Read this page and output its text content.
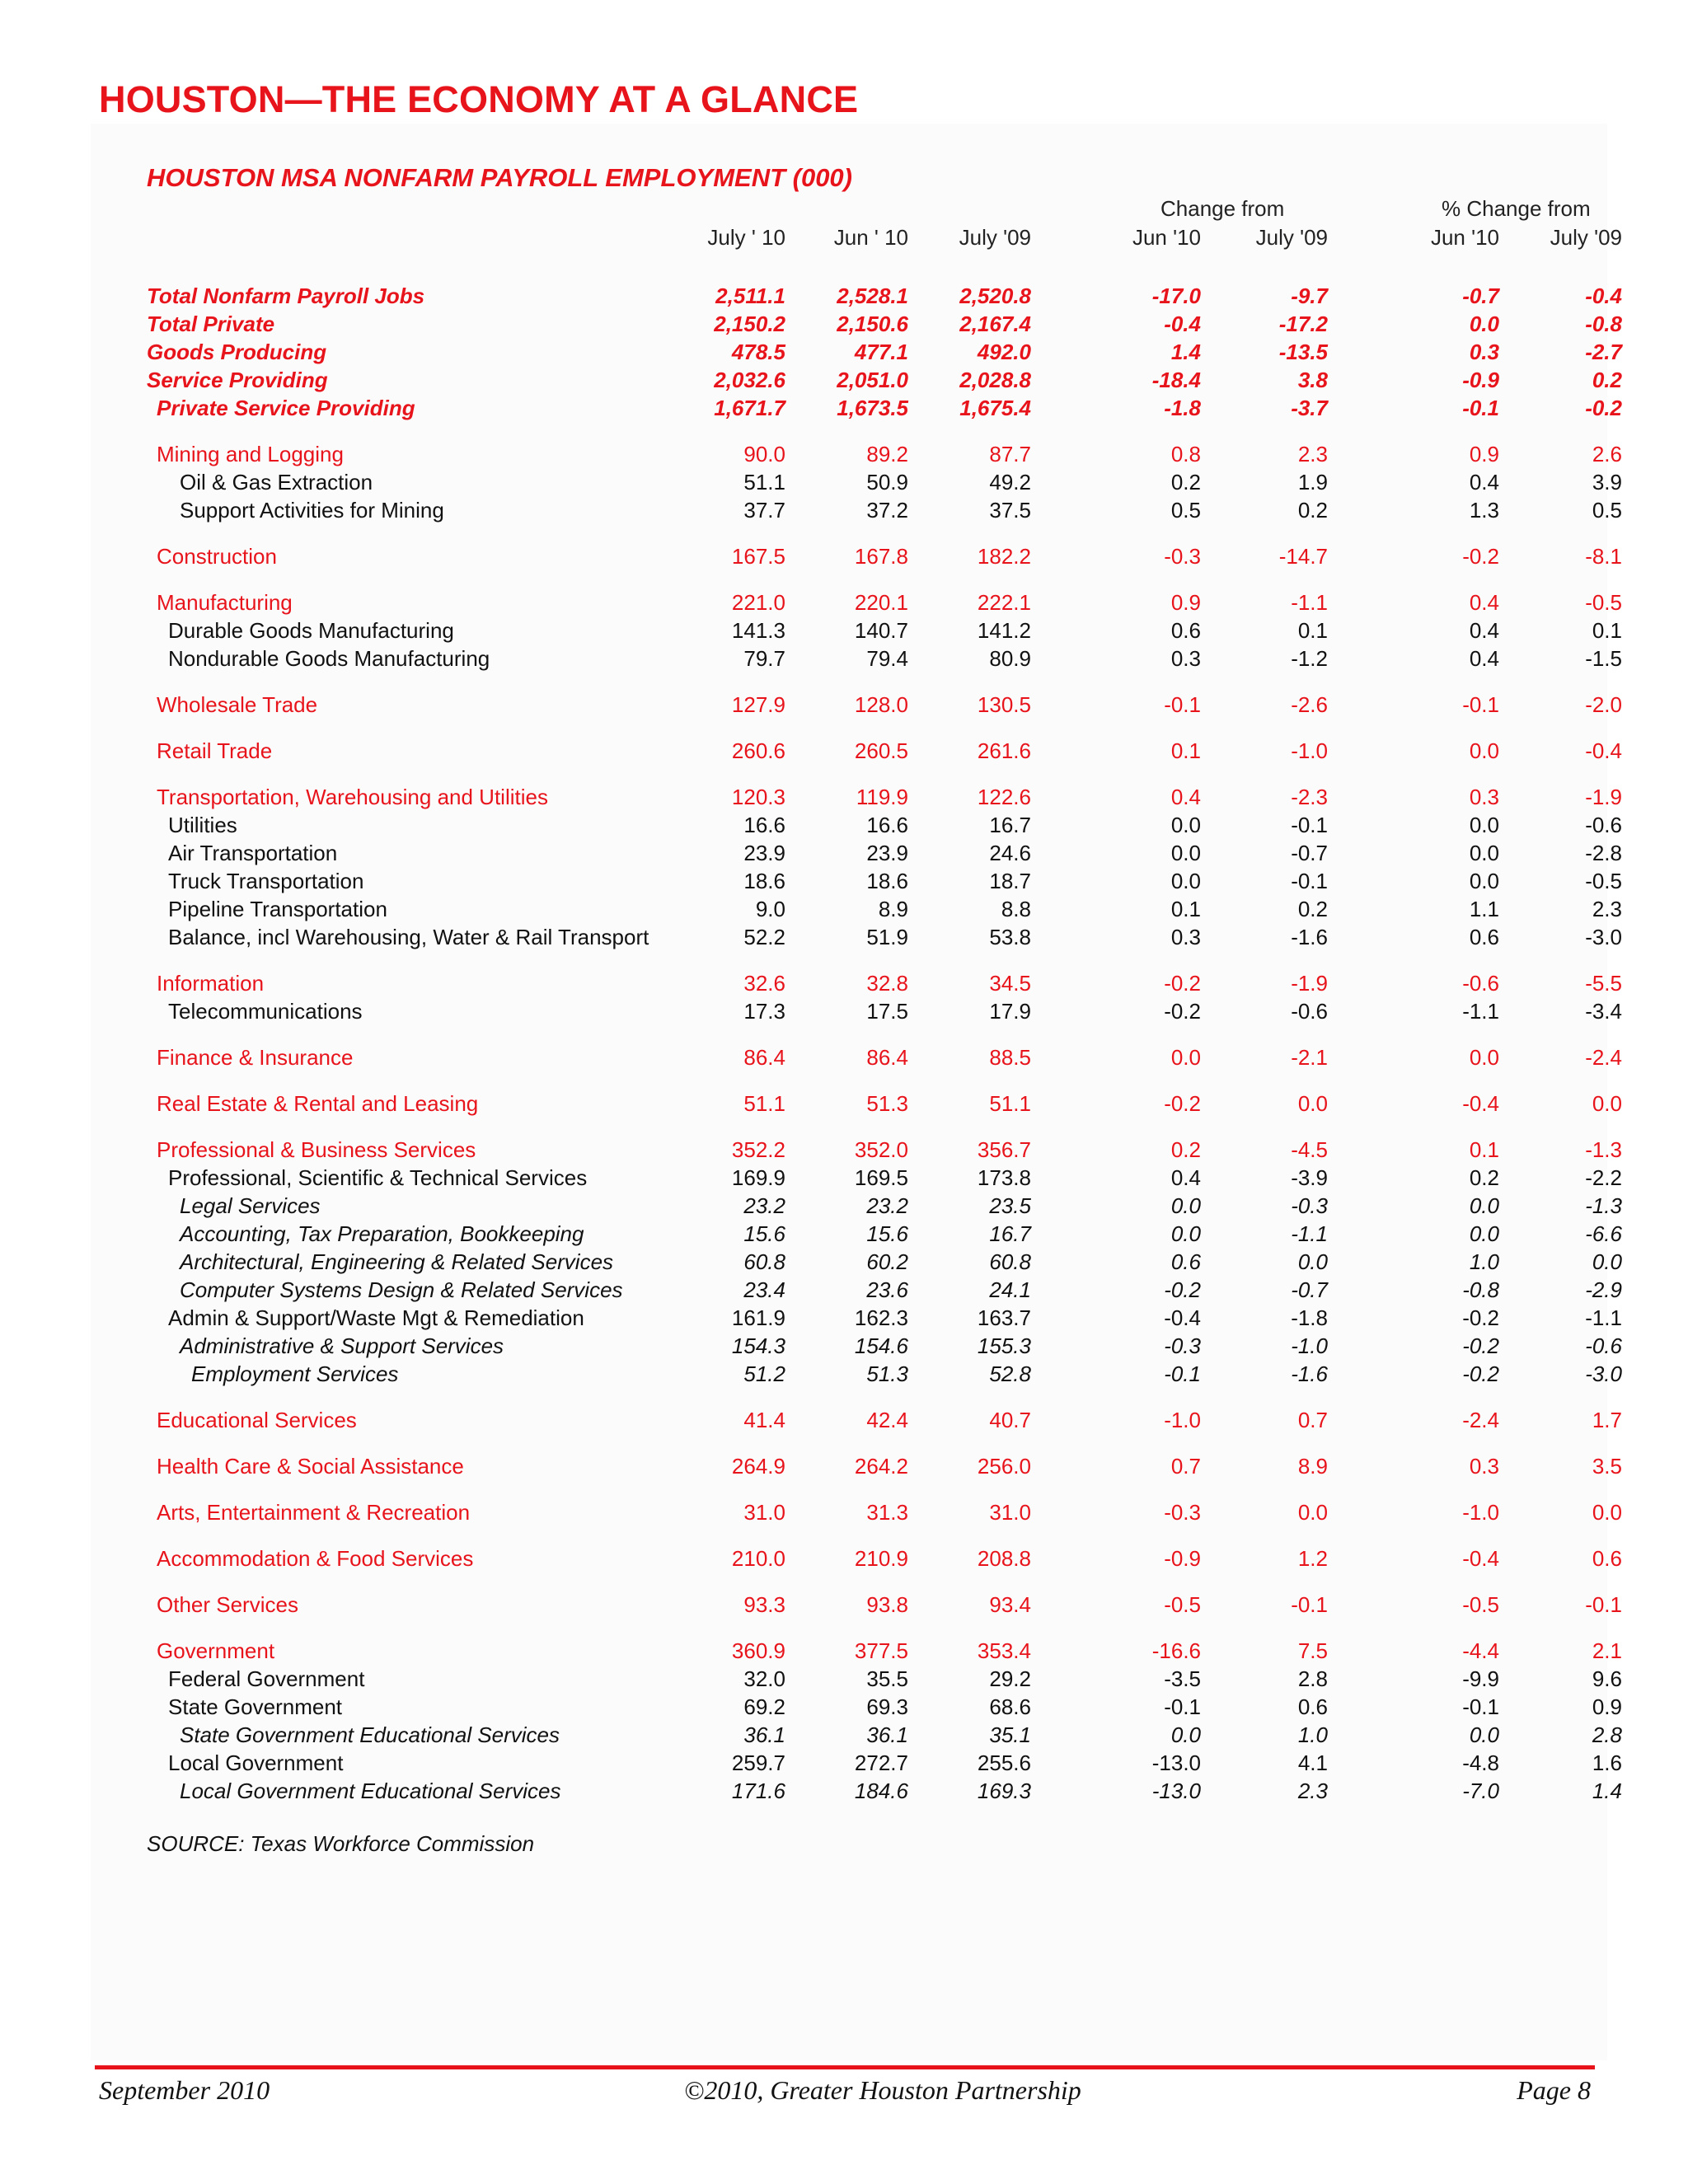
HOUSTON—THE ECONOMY AT A GLANCE
HOUSTON MSA NONFARM PAYROLL EMPLOYMENT (000)
Change from	% Change from
July ' 10 Jun ' 10 July '09	Jun '10	July '09	Jun '10 July '09
Total Nonfarm Payroll Jobs	2,511.1 2,528.1 2,520.8	-17.0	-9.7	-0.7	-0.4
Total Private	2,150.2 2,150.6 2,167.4	-0.4	-17.2	0.0	-0.8
Goods Producing	478.5	477.1	492.0	1.4	-13.5	0.3	-2.7
Service Providing	2,032.6 2,051.0 2,028.8	-18.4	3.8	-0.9	0.2
Private Service Providing	1,671.7 1,673.5 1,675.4	-1.8	-3.7	-0.1	-0.2
Mining and Logging	90.0	89.2	87.7	0.8	2.3	0.9	2.6
Oil & Gas Extraction	51.1	50.9	49.2	0.2	1.9	0.4	3.9
Support Activities for Mining	37.7	37.2	37.5	0.5	0.2	1.3	0.5
Construction	167.5	167.8	182.2	-0.3	-14.7	-0.2	-8.1
Manufacturing	221.0	220.1	222.1	0.9	-1.1	0.4	-0.5
Durable Goods Manufacturing	141.3	140.7	141.2	0.6	0.1	0.4	0.1
Nondurable Goods Manufacturing	79.7	79.4	80.9	0.3	-1.2	0.4	-1.5
Wholesale Trade	127.9	128.0	130.5	-0.1	-2.6	-0.1	-2.0
Retail Trade	260.6	260.5	261.6	0.1	-1.0	0.0	-0.4
Transportation, Warehousing and Utilities	120.3	119.9	122.6	0.4	-2.3	0.3	-1.9
Utilities	16.6	16.6	16.7	0.0	-0.1	0.0	-0.6
Air Transportation	23.9	23.9	24.6	0.0	-0.7	0.0	-2.8
Truck Transportation	18.6	18.6	18.7	0.0	-0.1	0.0	-0.5
Pipeline Transportation	9.0	8.9	8.8	0.1	0.2	1.1	2.3
Balance, incl Warehousing, Water & Rail Transport	52.2	51.9	53.8	0.3	-1.6	0.6	-3.0
Information	32.6	32.8	34.5	-0.2	-1.9	-0.6	-5.5
Telecommunications	17.3	17.5	17.9	-0.2	-0.6	-1.1	-3.4
Finance & Insurance	86.4	86.4	88.5	0.0	-2.1	0.0	-2.4
Real Estate & Rental and Leasing	51.1	51.3	51.1	-0.2	0.0	-0.4	0.0
Professional & Business Services	352.2	352.0	356.7	0.2	-4.5	0.1	-1.3
Professional, Scientific & Technical Services	169.9	169.5	173.8	0.4	-3.9	0.2	-2.2
Legal Services	23.2	23.2	23.5	0.0	-0.3	0.0	-1.3
Accounting, Tax Preparation, Bookkeeping	15.6	15.6	16.7	0.0	-1.1	0.0	-6.6
Architectural, Engineering & Related Services	60.8	60.2	60.8	0.6	0.0	1.0	0.0
Computer Systems Design & Related Services	23.4	23.6	24.1	-0.2	-0.7	-0.8	-2.9
Admin & Support/Waste Mgt & Remediation	161.9	162.3	163.7	-0.4	-1.8	-0.2	-1.1
Administrative & Support Services	154.3	154.6	155.3	-0.3	-1.0	-0.2	-0.6
Employment Services	51.2	51.3	52.8	-0.1	-1.6	-0.2	-3.0
Educational Services	41.4	42.4	40.7	-1.0	0.7	-2.4	1.7
Health Care & Social Assistance	264.9	264.2	256.0	0.7	8.9	0.3	3.5
Arts, Entertainment & Recreation	31.0	31.3	31.0	-0.3	0.0	-1.0	0.0
Accommodation & Food Services	210.0	210.9	208.8	-0.9	1.2	-0.4	0.6
Other Services	93.3	93.8	93.4	-0.5	-0.1	-0.5	-0.1
Government	360.9	377.5	353.4	-16.6	7.5	-4.4	2.1
Federal Government	32.0	35.5	29.2	-3.5	2.8	-9.9	9.6
State Government	69.2	69.3	68.6	-0.1	0.6	-0.1	0.9
State Government Educational Services	36.1	36.1	35.1	0.0	1.0	0.0	2.8
Local Government	259.7	272.7	255.6	-13.0	4.1	-4.8	1.6
Local Government Educational Services	171.6	184.6	169.3	-13.0	2.3	-7.0	1.4
SOURCE: Texas Workforce Commission
September 2010	©2010, Greater Houston Partnership	Page 8
